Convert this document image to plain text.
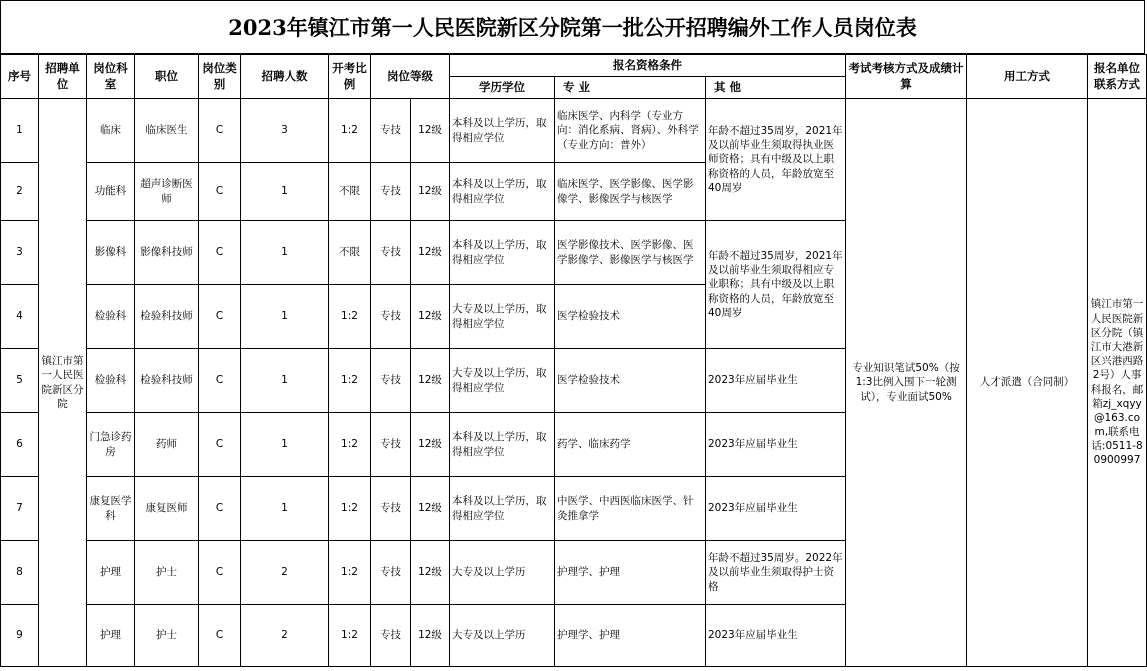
2023年镇江市第一人民医院新区分院第一批公开招聘编外工作人员岗位表
序号	招聘单位	岗位科室	职位	岗位类别	招聘人数	开考比例	岗位等级		报名资格条件			考试考核方式及成绩计算	用工方式	报名单位联系方式
									学历学位	专 业	其 他			
1	镇江市第一人民医院新区分院	临床	临床医生	C	3	1:2	专技	12级	本科及以上学历，取得相应学位	临床医学、内科学（专业方向：消化系病、肾病）、外科学（专业方向：普外）	年龄不超过35周岁，2021年及以前毕业生须取得执业医师资格；具有中级及以上职称资格的人员，年龄放宽至40周岁	专业知识笔试50%（按1:3比例入围下一轮测试），专业面试50%	人才派遣（合同制）	镇江市第一人民医院新区分院（镇江市大港新区兴港西路2号）人事科报名，邮箱zj_xqyy@163.com,联系电话:0511-80900997
2		功能科	超声诊断医师	C	1	不限	专技	12级	本科及以上学历，取得相应学位	临床医学、医学影像、医学影像学、影像医学与核医学				
3		影像科	影像科技师	C	1	不限	专技	12级	本科及以上学历，取得相应学位	医学影像技术、医学影像、医学影像学、影像医学与核医学	年龄不超过35周岁，2021年及以前毕业生须取得相应专业职称；具有中级及以上职称资格的人员，年龄放宽至40周岁			
4		检验科	检验科技师	C	1	1:2	专技	12级	大专及以上学历，取得相应学位	医学检验技术				
5		检验科	检验科技师	C	1	1:2	专技	12级	大专及以上学历，取得相应学位	医学检验技术	2023年应届毕业生			
6		门急诊药房	药师	C	1	1:2	专技	12级	本科及以上学历，取得相应学位	药学、临床药学	2023年应届毕业生			
7		康复医学科	康复医师	C	1	1:2	专技	12级	本科及以上学历，取得相应学位	中医学、中西医临床医学、针灸推拿学	2023年应届毕业生			
8		护理	护士	C	2	1:2	专技	12级	大专及以上学历	护理学、护理	年龄不超过35周岁。2022年及以前毕业生须取得护士资格			
9		护理	护士	C	2	1:2	专技	12级	大专及以上学历	护理学、护理	2023年应届毕业生			
